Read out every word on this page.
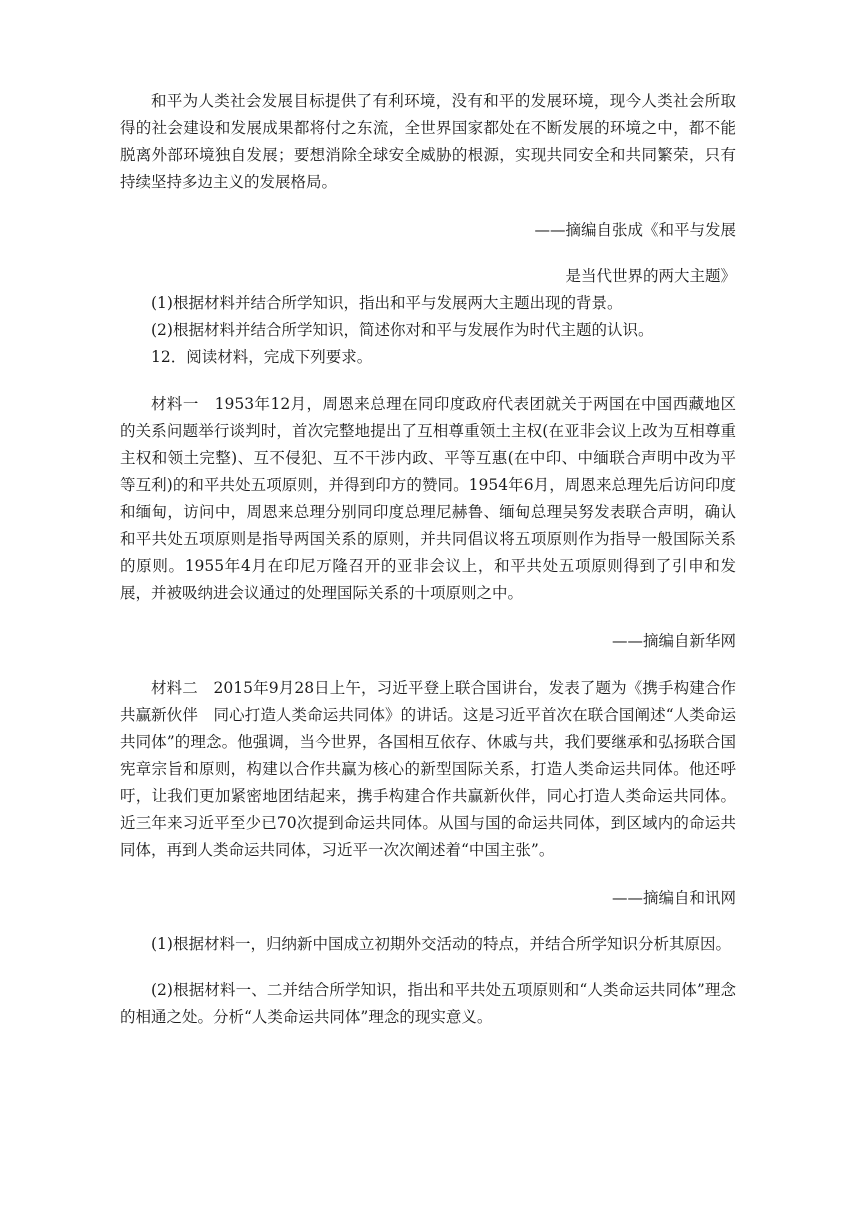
和平为人类社会发展目标提供了有利环境，没有和平的发展环境，现今人类社会所取得的社会建设和发展成果都将付之东流，全世界国家都处在不断发展的环境之中，都不能脱离外部环境独自发展；要想消除全球安全威胁的根源，实现共同安全和共同繁荣，只有持续坚持多边主义的发展格局。

——摘编自张成《和平与发展

是当代世界的两大主题》

(1)根据材料并结合所学知识，指出和平与发展两大主题出现的背景。

(2)根据材料并结合所学知识，简述你对和平与发展作为时代主题的认识。

12．阅读材料，完成下列要求。

材料一　1953年12月，周恩来总理在同印度政府代表团就关于两国在中国西藏地区的关系问题举行谈判时，首次完整地提出了互相尊重领土主权(在亚非会议上改为互相尊重主权和领土完整)、互不侵犯、互不干涉内政、平等互惠(在中印、中缅联合声明中改为平等互利)的和平共处五项原则，并得到印方的赞同。1954年6月，周恩来总理先后访问印度和缅甸，访问中，周恩来总理分别同印度总理尼赫鲁、缅甸总理吴努发表联合声明，确认和平共处五项原则是指导两国关系的原则，并共同倡议将五项原则作为指导一般国际关系的原则。1955年4月在印尼万隆召开的亚非会议上，和平共处五项原则得到了引申和发展，并被吸纳进会议通过的处理国际关系的十项原则之中。

——摘编自新华网

材料二　2015年9月28日上午，习近平登上联合国讲台，发表了题为《携手构建合作共赢新伙伴　同心打造人类命运共同体》的讲话。这是习近平首次在联合国阐述“人类命运共同体”的理念。他强调，当今世界，各国相互依存、休戚与共，我们要继承和弘扬联合国宪章宗旨和原则，构建以合作共赢为核心的新型国际关系，打造人类命运共同体。他还呼吁，让我们更加紧密地团结起来，携手构建合作共赢新伙伴，同心打造人类命运共同体。近三年来习近平至少已70次提到命运共同体。从国与国的命运共同体，到区域内的命运共同体，再到人类命运共同体，习近平一次次阐述着“中国主张”。

——摘编自和讯网

(1)根据材料一，归纳新中国成立初期外交活动的特点，并结合所学知识分析其原因。

(2)根据材料一、二并结合所学知识，指出和平共处五项原则和“人类命运共同体”理念的相通之处。分析“人类命运共同体”理念的现实意义。
